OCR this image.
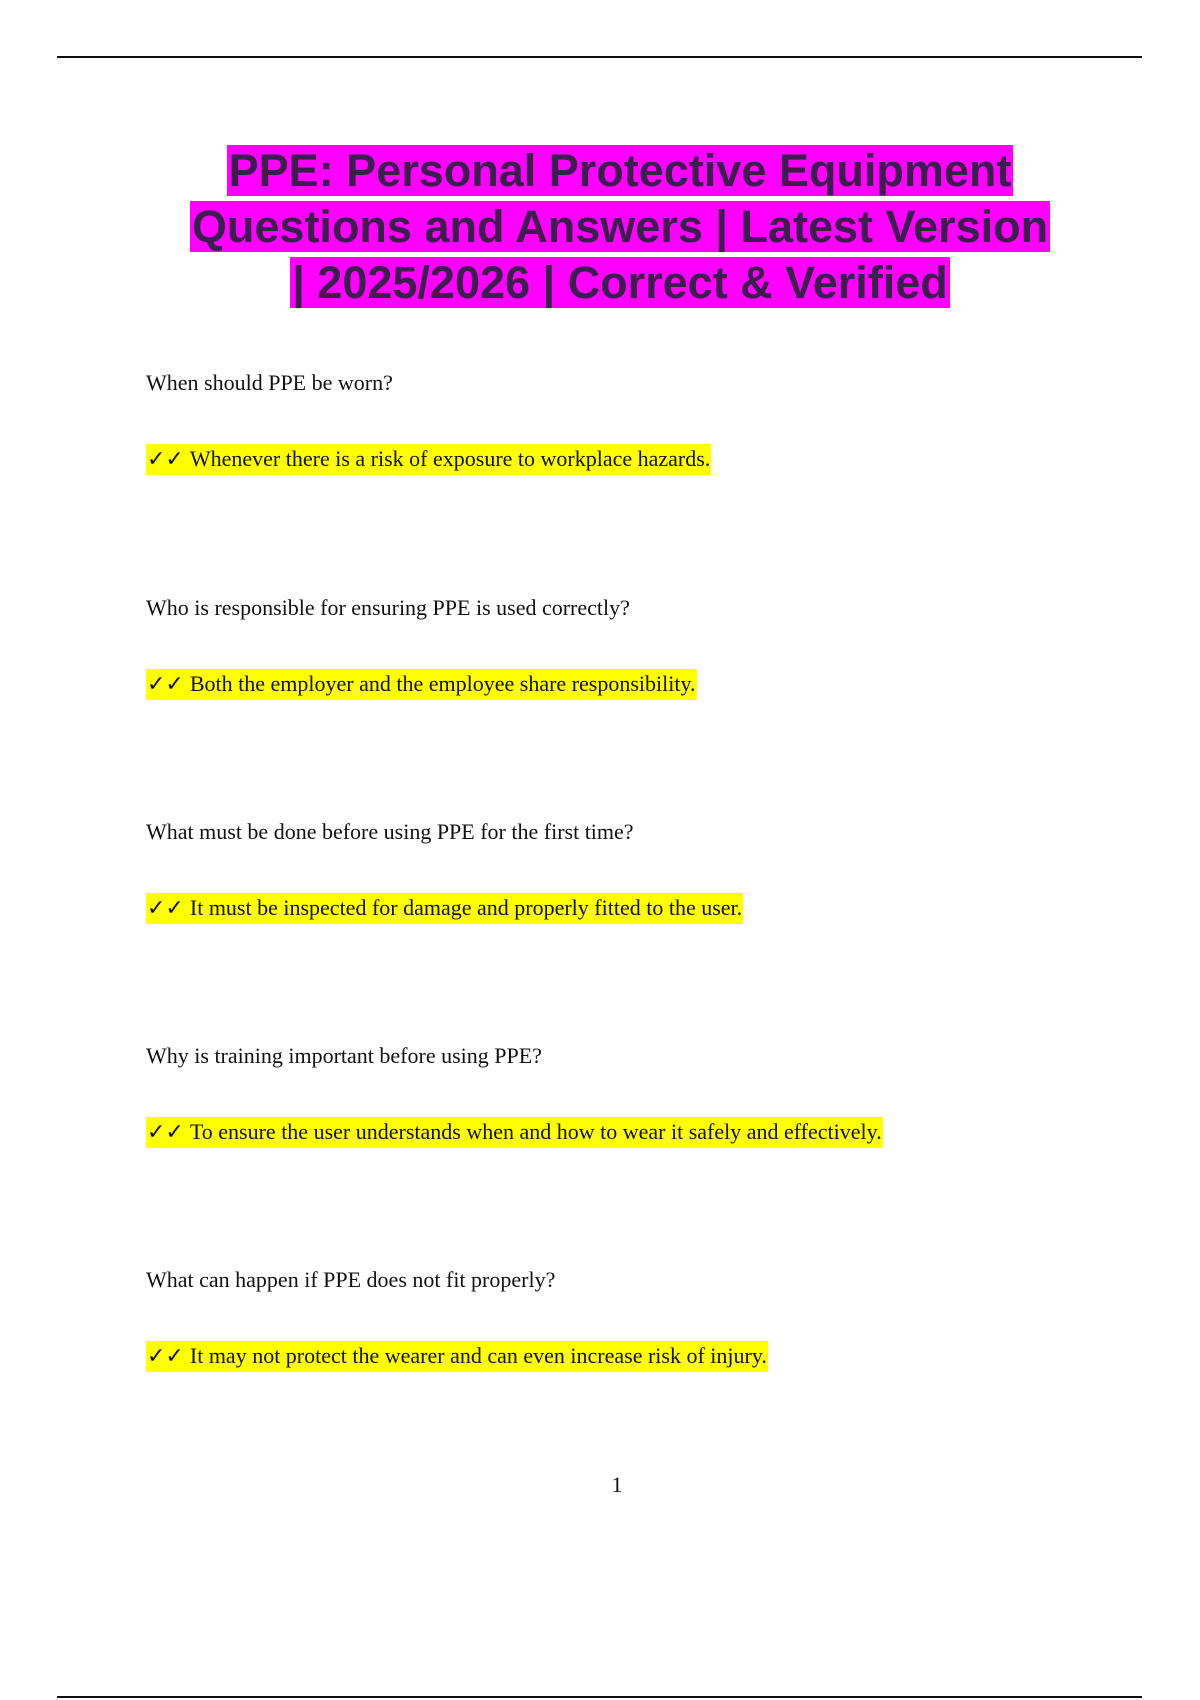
PPE: Personal Protective Equipment
Questions and Answers | Latest Version
| 2025/2026 | Correct & Verified

When should PPE be worn?

✓✓ Whenever there is a risk of exposure to workplace hazards.

Who is responsible for ensuring PPE is used correctly?

✓✓ Both the employer and the employee share responsibility.

What must be done before using PPE for the first time?

✓✓ It must be inspected for damage and properly fitted to the user.

Why is training important before using PPE?

✓✓ To ensure the user understands when and how to wear it safely and effectively.

What can happen if PPE does not fit properly?

✓✓ It may not protect the wearer and can even increase risk of injury.
1
